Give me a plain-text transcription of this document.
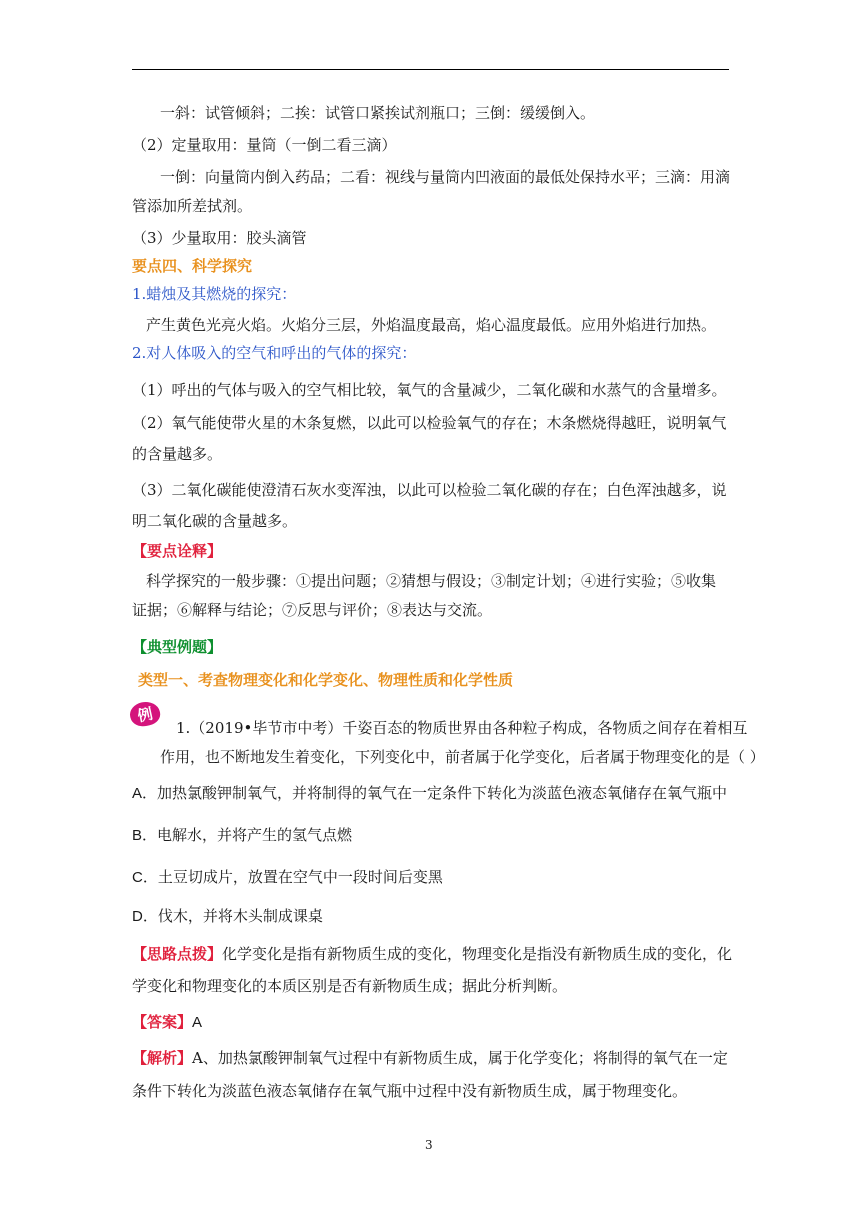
一斜：试管倾斜；二挨：试管口紧挨试剂瓶口；三倒：缓缓倒入。
（2）定量取用：量筒（一倒二看三滴）
一倒：向量筒内倒入药品；二看：视线与量筒内凹液面的最低处保持水平；三滴：用滴
管添加所差拭剂。
（3）少量取用：胶头滴管
要点四、科学探究
1.蜡烛及其燃烧的探究：
产生黄色光亮火焰。火焰分三层，外焰温度最高，焰心温度最低。应用外焰进行加热。
2.对人体吸入的空气和呼出的气体的探究：
（1）呼出的气体与吸入的空气相比较，氧气的含量减少，二氧化碳和水蒸气的含量增多。
（2）氧气能使带火星的木条复燃，以此可以检验氧气的存在；木条燃烧得越旺，说明氧气
的含量越多。
（3）二氧化碳能使澄清石灰水变浑浊，以此可以检验二氧化碳的存在；白色浑浊越多，说
明二氧化碳的含量越多。
【要点诠释】
科学探究的一般步骤：①提出问题；②猜想与假设；③制定计划；④进行实验；⑤收集
证据；⑥解释与结论；⑦反思与评价；⑧表达与交流。
【典型例题】
类型一、考查物理变化和化学变化、物理性质和化学性质
例
1.（2019•毕节市中考）千姿百态的物质世界由各种粒子构成，各物质之间存在着相互
作用，也不断地发生着变化，下列变化中，前者属于化学变化，后者属于物理变化的是（ ）
A．加热氯酸钾制氧气，并将制得的氧气在一定条件下转化为淡蓝色液态氧储存在氧气瓶中
B．电解水，并将产生的氢气点燃
C．土豆切成片，放置在空气中一段时间后变黑
D．伐木，并将木头制成课桌
【思路点拨】化学变化是指有新物质生成的变化，物理变化是指没有新物质生成的变化，化
学变化和物理变化的本质区别是否有新物质生成；据此分析判断。
【答案】A
【解析】A、加热氯酸钾制氧气过程中有新物质生成，属于化学变化；将制得的氧气在一定
条件下转化为淡蓝色液态氧储存在氧气瓶中过程中没有新物质生成，属于物理变化。
3
